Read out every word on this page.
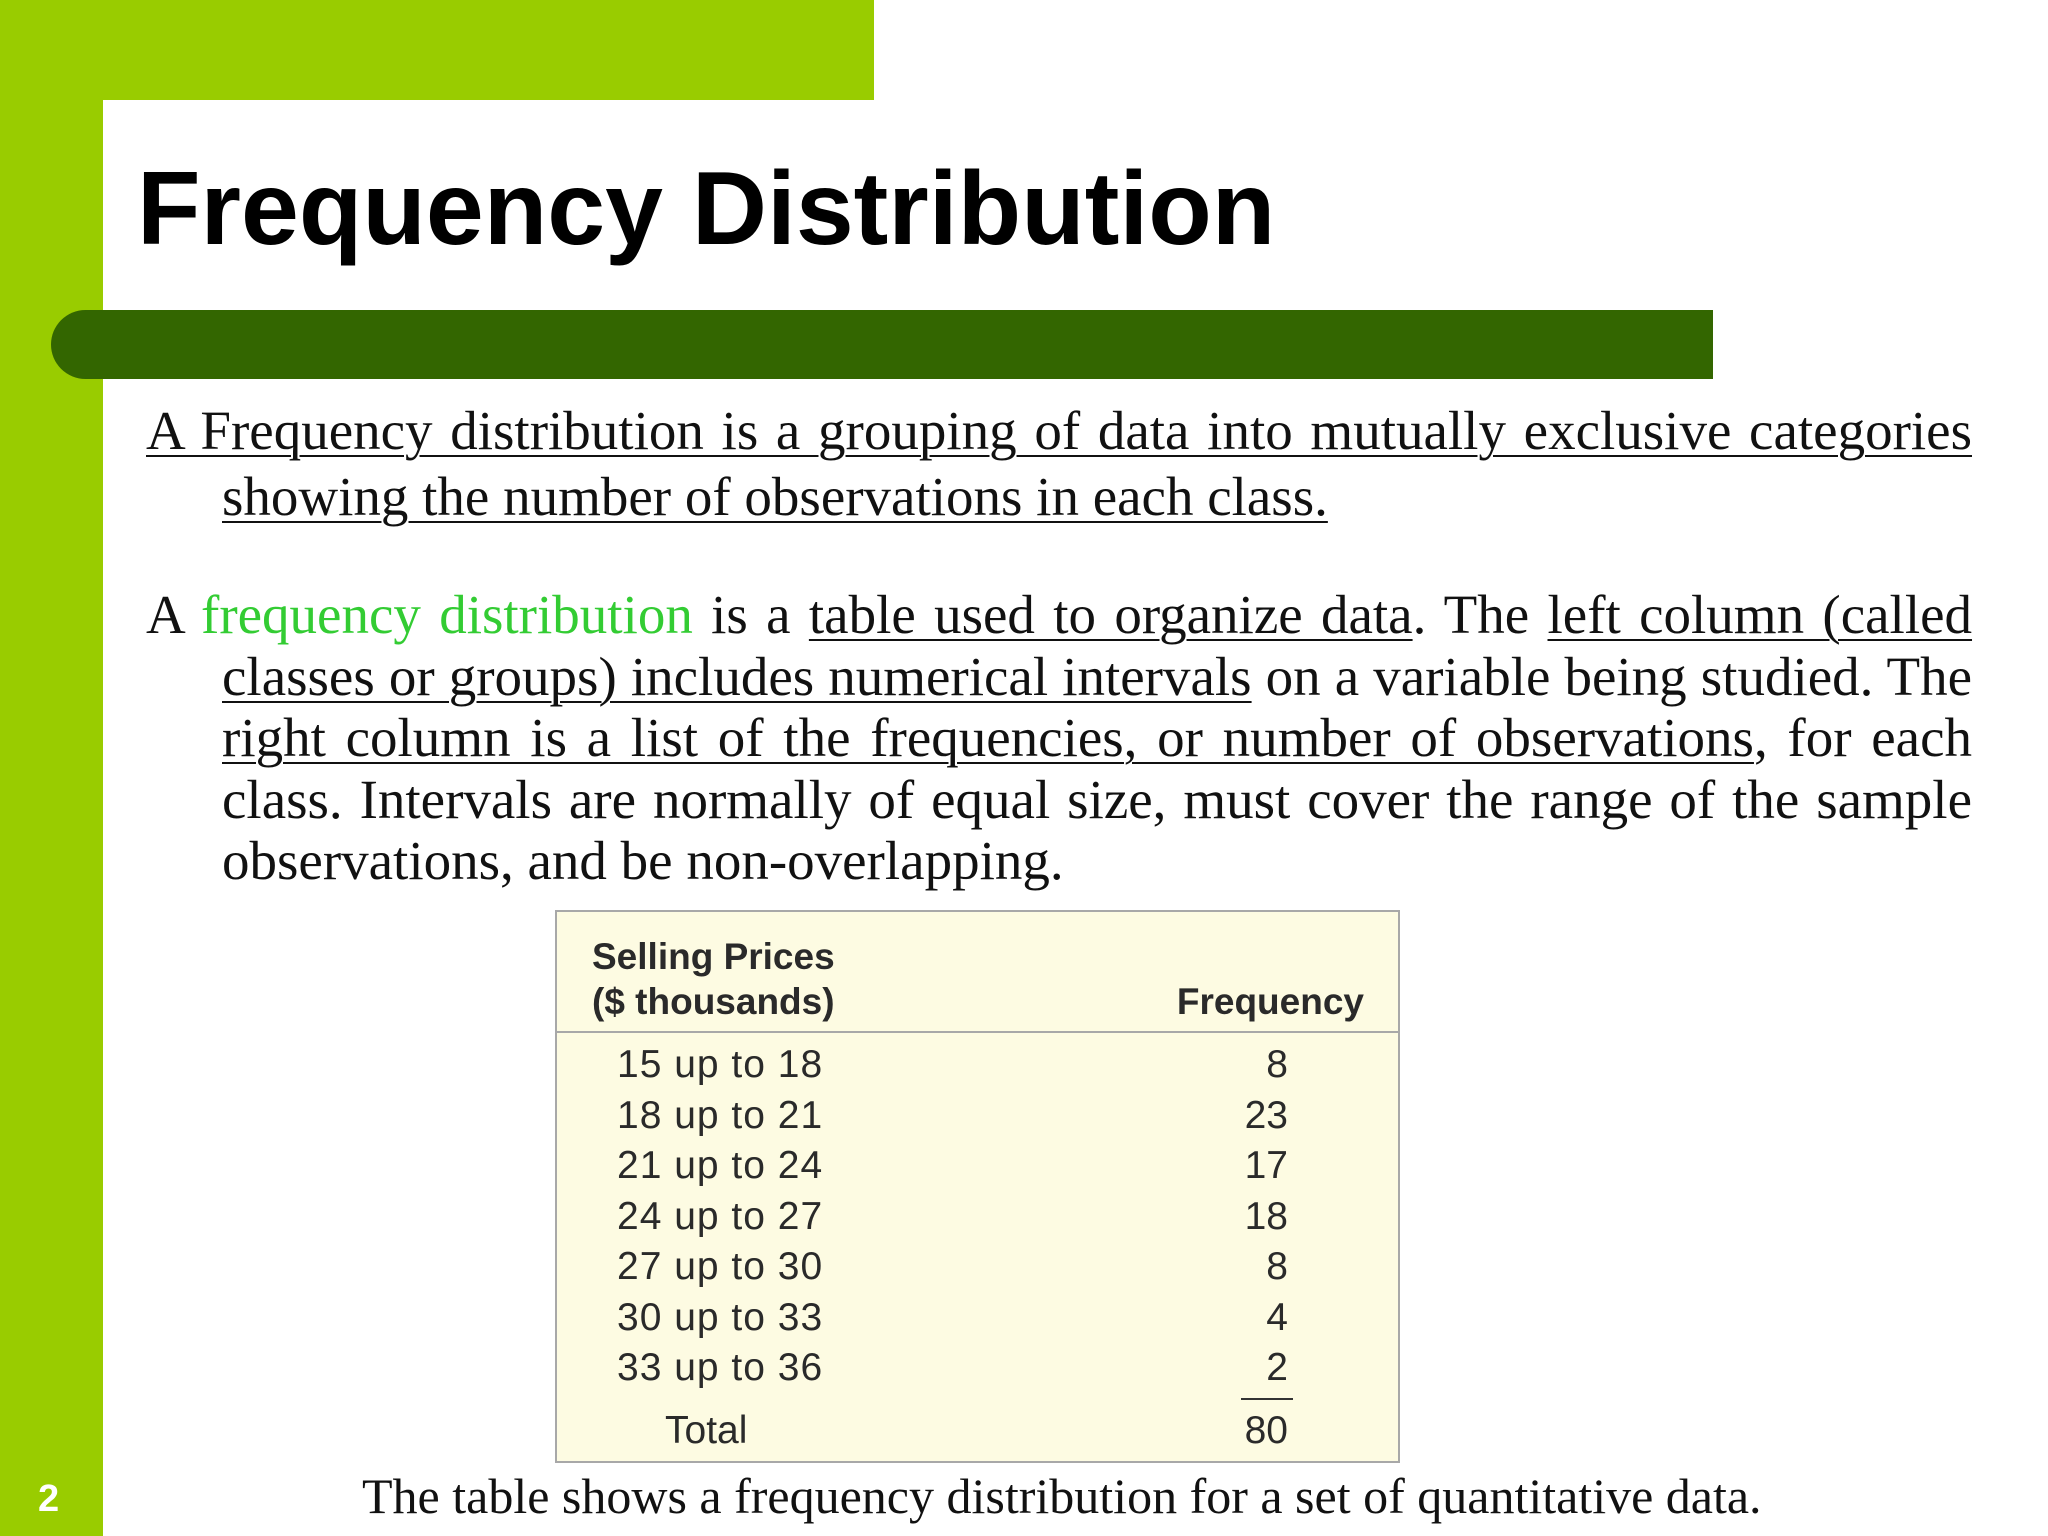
Frequency Distribution

A Frequency distribution is a grouping of data into mutually exclusive categories showing the number of observations in each class.

A frequency distribution is a table used to organize data. The left column (called classes or groups) includes numerical intervals on a variable being studied. The right column is a list of the frequencies, or number of observations, for each class. Intervals are normally of equal size, must cover the range of the sample observations, and be non-overlapping.

Selling Prices
($ thousands)	Frequency
15 up to 18	8
18 up to 21	23
21 up to 24	17
24 up to 27	18
27 up to 30	8
30 up to 33	4
33 up to 36	2
Total	80

The table shows a frequency distribution for a set of quantitative data.

2
